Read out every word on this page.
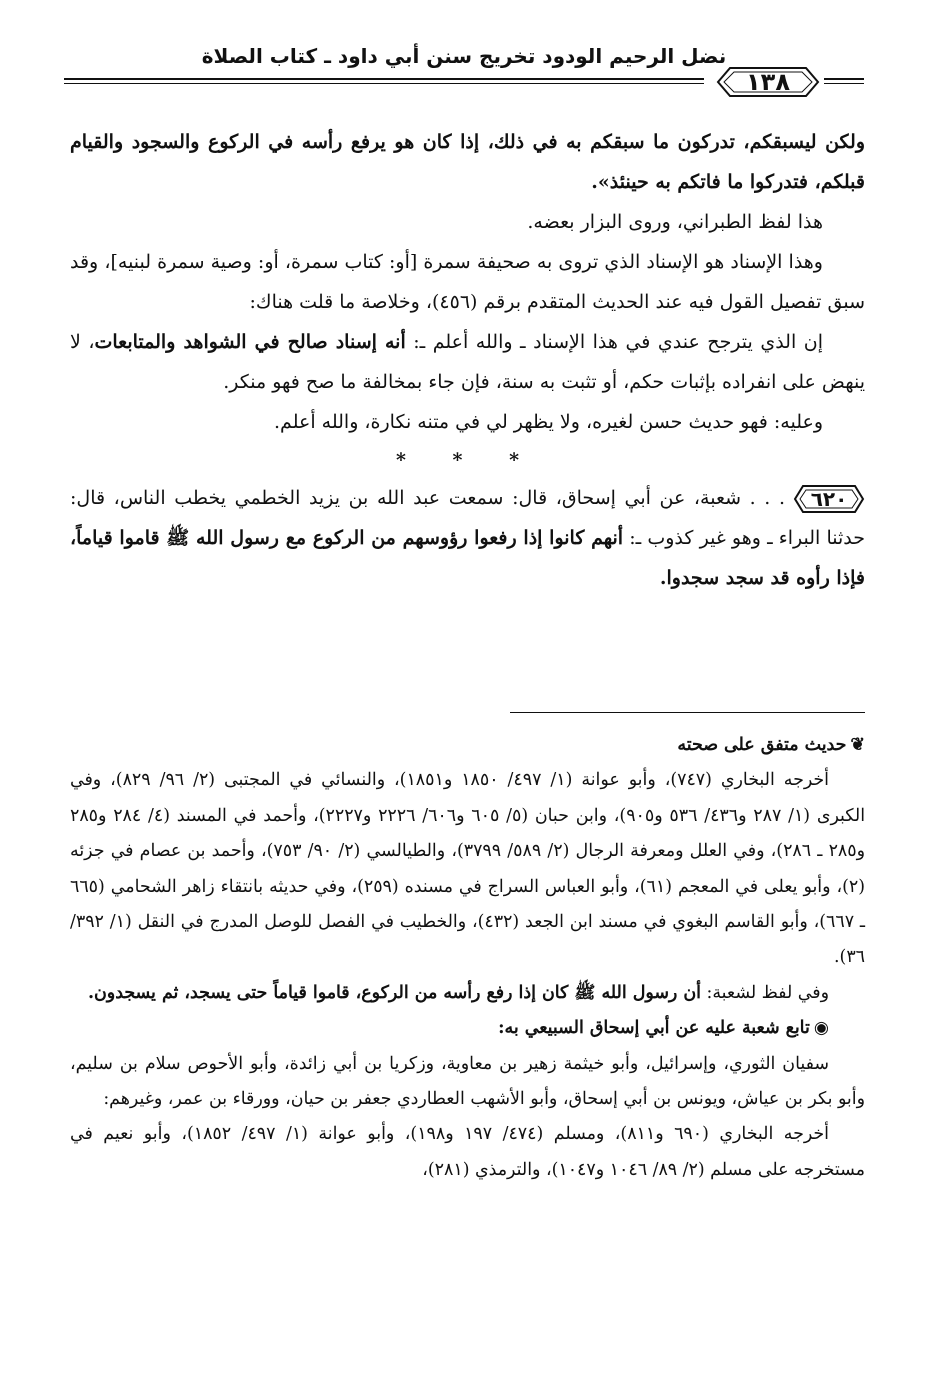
نضل الرحيم الودود تخريج سنن أبي داود ـ كتاب الصلاة
١٣٨

ولكن ليسبقكم، تدركون ما سبقكم به في ذلك، إذا كان هو يرفع رأسه في الركوع والسجود والقيام قبلكم، فتدركوا ما فاتكم به حينئذ».

هذا لفظ الطبراني، وروى البزار بعضه.

وهذا الإسناد هو الإسناد الذي تروى به صحيفة سمرة [أو: كتاب سمرة، أو: وصية سمرة لبنيه]، وقد سبق تفصيل القول فيه عند الحديث المتقدم برقم (٤٥٦)، وخلاصة ما قلت هناك:

إن الذي يترجح عندي في هذا الإسناد ـ والله أعلم ـ: أنه إسناد صالح في الشواهد والمتابعات، لا ينهض على انفراده بإثبات حكم، أو تثبت به سنة، فإن جاء بمخالفة ما صح فهو منكر.

وعليه: فهو حديث حسن لغيره، ولا يظهر لي في متنه نكارة، والله أعلم.

* * *

٦٢٠
. . . شعبة، عن أبي إسحاق، قال: سمعت عبد الله بن يزيد الخطمي يخطب الناس، قال: حدثنا البراء ـ وهو غير كذوب ـ: أنهم كانوا إذا رفعوا رؤوسهم من الركوع مع رسول الله ﷺ قاموا قياماً، فإذا رأوه قد سجد سجدوا.

❦حديث متفق على صحته

أخرجه البخاري (٧٤٧)، وأبو عوانة (١/ ٤٩٧/ ١٨٥٠ و١٨٥١)، والنسائي في المجتبى (٢/ ٩٦/ ٨٢٩)، وفي الكبرى (١/ ٢٨٧ و٤٣٦/ ٥٣٦ و٩٠٥)، وابن حبان (٥/ ٦٠٥ و٦٠٦/ ٢٢٢٦ و٢٢٢٧)، وأحمد في المسند (٤/ ٢٨٤ و٢٨٥ و٢٨٥ ـ ٢٨٦)، وفي العلل ومعرفة الرجال (٢/ ٥٨٩/ ٣٧٩٩)، والطيالسي (٢/ ٩٠/ ٧٥٣)، وأحمد بن عصام في جزئه (٢)، وأبو يعلى في المعجم (٦١)، وأبو العباس السراج في مسنده (٢٥٩)، وفي حديثه بانتقاء زاهر الشحامي (٦٦٥ ـ ٦٦٧)، وأبو القاسم البغوي في مسند ابن الجعد (٤٣٢)، والخطيب في الفصل للوصل المدرج في النقل (١/ ٣٩٢/ ٣٦).

وفي لفظ لشعبة: أن رسول الله ﷺ كان إذا رفع رأسه من الركوع، قاموا قياماً حتى يسجد، ثم يسجدون.

◉تابع شعبة عليه عن أبي إسحاق السبيعي به:

سفيان الثوري، وإسرائيل، وأبو خيثمة زهير بن معاوية، وزكريا بن أبي زائدة، وأبو الأحوص سلام بن سليم، وأبو بكر بن عياش، ويونس بن أبي إسحاق، وأبو الأشهب العطاردي جعفر بن حيان، وورقاء بن عمر، وغيرهم:

أخرجه البخاري (٦٩٠ و٨١١)، ومسلم (٤٧٤/ ١٩٧ و١٩٨)، وأبو عوانة (١/ ٤٩٧/ ١٨٥٢)، وأبو نعيم في مستخرجه على مسلم (٢/ ٨٩/ ١٠٤٦ و١٠٤٧)، والترمذي (٢٨١)،
